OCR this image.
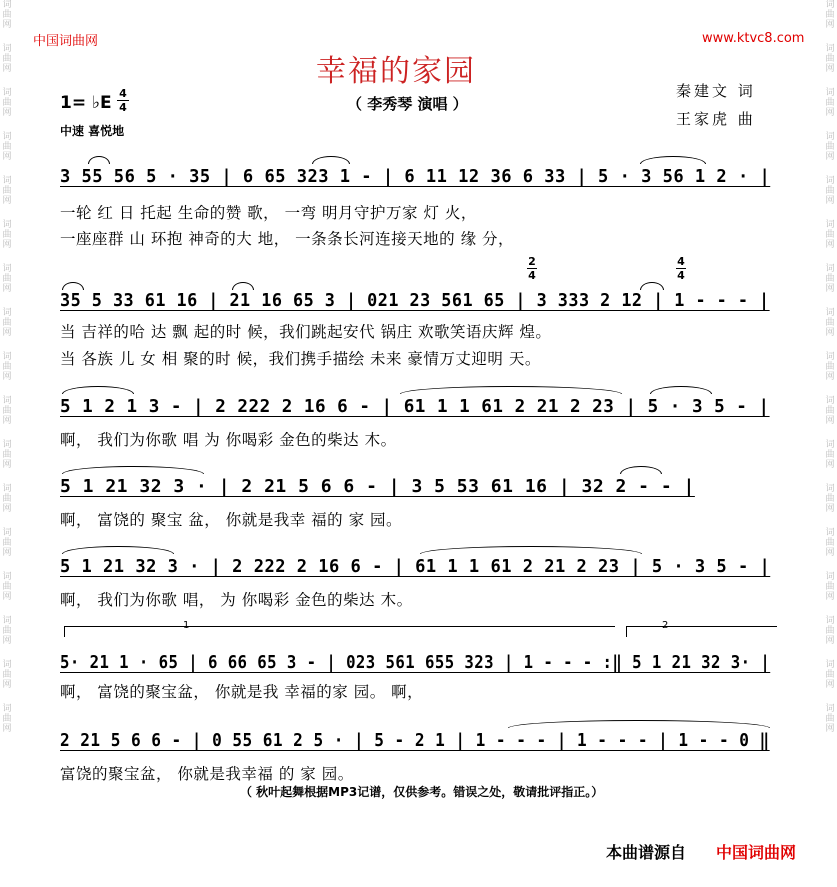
词
曲
网
词
曲
网
词
曲
网
词
曲
网
词
曲
网
词
曲
网
词
曲
网
词
曲
网
词
曲
网
词
曲
网
词
曲
网
词
曲
网
词
曲
网
词
曲
网
词
曲
网
词
曲
网
词
曲
网
词
曲
网
词
曲
网
词
曲
网
词
曲
网
词
曲
网
词
曲
网
词
曲
网
词
曲
网
词
曲
网
词
曲
网
词
曲
网
词
曲
网
词
曲
网
词
曲
网
词
曲
网
词
曲
网
词
曲
网
中国词曲网	www.ktvc8.com
幸福的家园
（ 李秀琴 演唱 ）
1= ♭E 4
4
中速 喜悦地
秦建文 词
王家虎 曲
3 55 56 5 · 35 | 6 65 323 1 - | 6 11 12 36 6 33 | 5 · 3 56 1 2 · |
一轮 红 日 托起 生命的赞 歌， 一弯 明月守护万家 灯 火，
一座座群 山 环抱 神奇的大 地， 一条条长河连接天地的 缘 分，
2
4
4
4
35 5 33 61 16 | 21 16 65 3 | 021 23 561 65 | 3 333 2 12 | 1 - - - |
当 吉祥的哈 达 飘 起的时 候，我们跳起安代 锅庄 欢歌笑语庆辉 煌。
当 各族 儿 女 相 聚的时 候，我们携手描绘 未来 豪情万丈迎明 天。
5 1 2 1 3 - | 2 222 2 16 6 - | 61 1 1 61 2 21 2 23 | 5 · 3 5 - |
啊， 我们为你歌 唱 为 你喝彩 金色的柴达 木。
5 1 21 32 3 · | 2 21 5 6 6 - | 3 5 53 61 16 | 32 2 - - |
啊， 富饶的 聚宝 盆， 你就是我幸 福的 家 园。
5 1 21 32 3 · | 2 222 2 16 6 - | 61 1 1 61 2 21 2 23 | 5 · 3 5 - |
啊， 我们为你歌 唱， 为 你喝彩 金色的柴达 木。
1	2
5· 21 1 · 65 | 6 66 65 3 - | 023 561 655 323 | 1 - - - :‖ 5 1 21 32 3· |
啊， 富饶的聚宝盆， 你就是我 幸福的家 园。 啊，
2 21 5 6 6 - | 0 55 61 2 5 · | 5 - 2 1 | 1 - - - | 1 - - - | 1 - - 0 ‖
富饶的聚宝盆， 你就是我幸福 的 家 园。
（ 秋叶起舞根据MP3记谱，仅供参考。错误之处，敬请批评指正。）
本曲谱源自 中国词曲网
